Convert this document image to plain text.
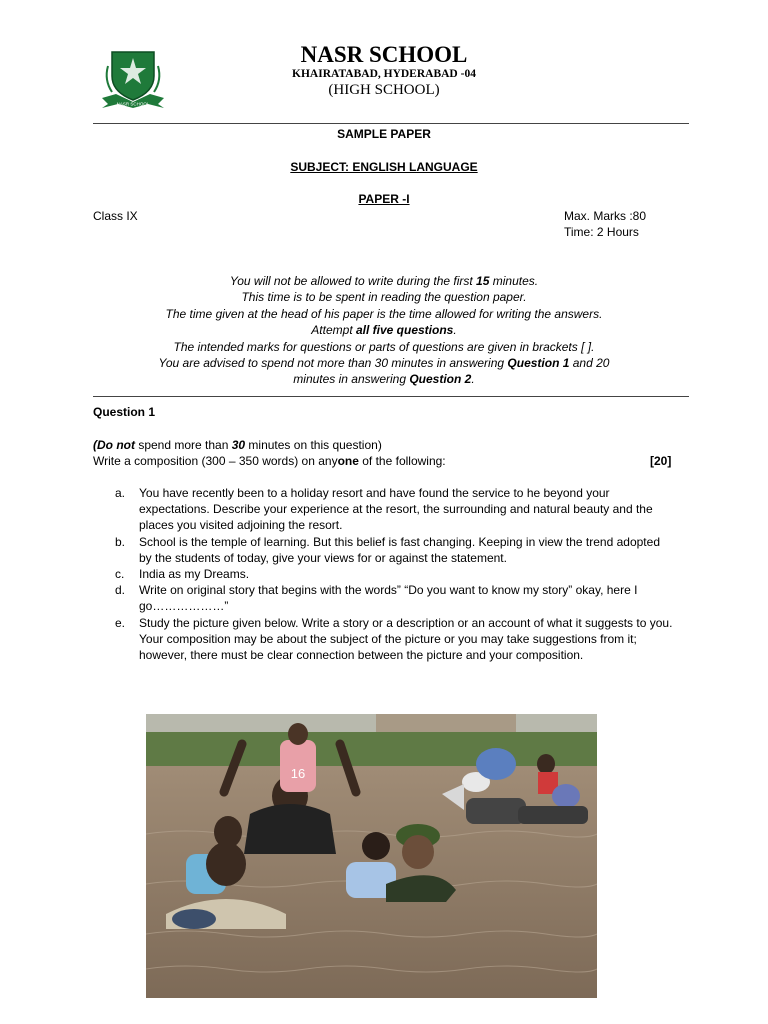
NASR SCHOOL
NASR SCHOOL
KHAIRATABAD, HYDERABAD -04
(HIGH SCHOOL)
SAMPLE PAPER
SUBJECT: ENGLISH LANGUAGE
PAPER -I
Class IX	Max. Marks :80
Time: 2 Hours
You will not be allowed to write during the first 15 minutes.
This time is to be spent in reading the question paper.
The time given at the head of his paper is the time allowed for writing the answers.
Attempt all five questions.
The intended marks for questions or parts of questions are given in brackets [ ].
You are advised to spend not more than 30 minutes in answering Question 1 and 20
minutes in answering Question 2.
Question 1
(Do not spend more than 30 minutes on this question)
Write a composition (300 – 350 words) on anyone of the following:	[20]
a. You have recently been to a holiday resort and have found the service to he beyond your expectations. Describe your experience at the resort, the surrounding and natural beauty and the places you visited adjoining the resort.
b. School is the temple of learning. But this belief is fast changing. Keeping in view the trend adopted by the students of today, give your views for or against the statement.
c. India as my Dreams.
d. Write on original story that begins with the words” “Do you want to know my story” okay, here I go………………”
e. Study the picture given below. Write a story or a description or an account of what it suggests to you. Your composition may be about the subject of the picture or you may take suggestions from it; however, there must be clear connection between the picture and your composition.
16
